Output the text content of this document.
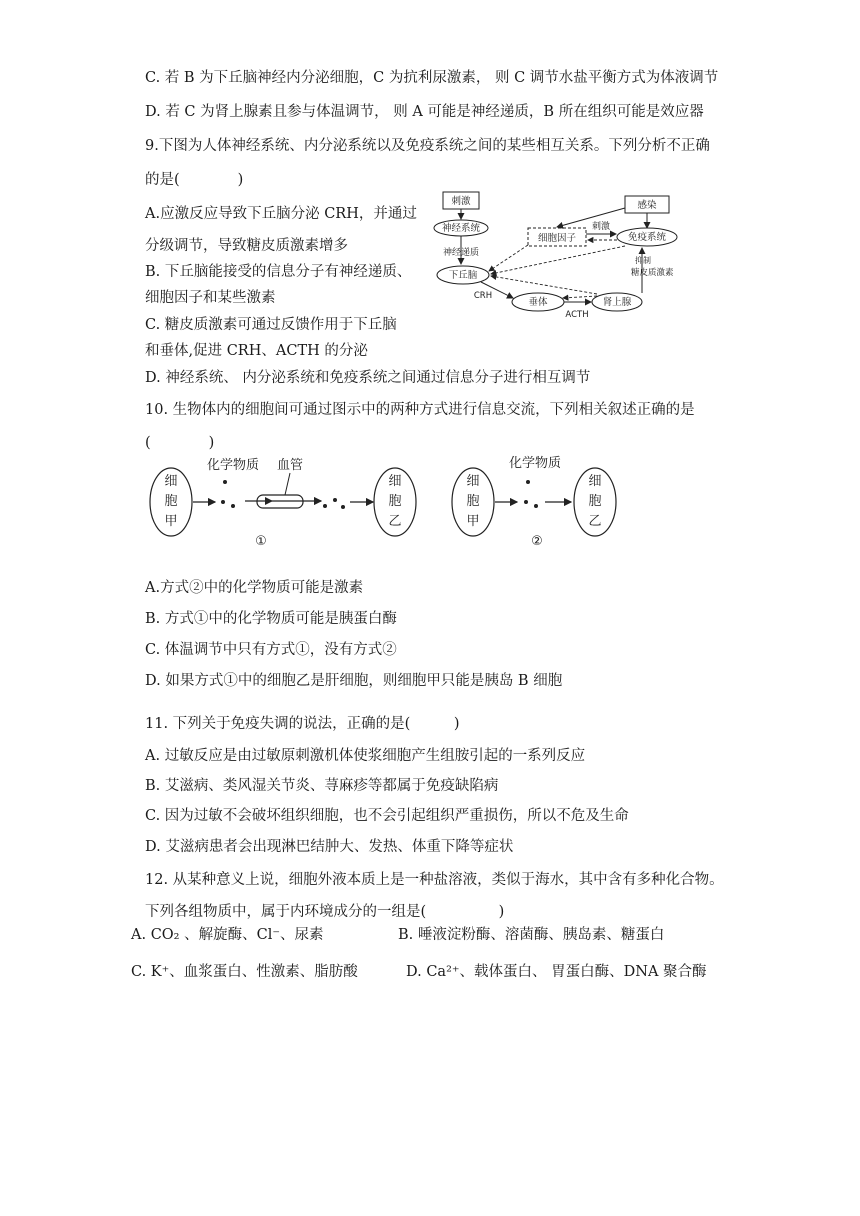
C. 若 B 为下丘脑神经内分泌细胞，C 为抗利尿激素， 则 C 调节水盐平衡方式为体液调节
D. 若 C 为肾上腺素且参与体温调节， 则 A 可能是神经递质，B 所在组织可能是效应器
9.下图为人体神经系统、内分泌系统以及免疫系统之间的某些相互关系。下列分析不正确
的是(　　　　)
A.应激反应导致下丘脑分泌 CRH，并通过
分级调节，导致糖皮质激素增多
B. 下丘脑能接受的信息分子有神经递质、
细胞因子和某些激素
C. 糖皮质激素可通过反馈作用于下丘脑
和垂体,促进 CRH、ACTH 的分泌
D. 神经系统、 内分泌系统和免疫系统之间通过信息分子进行相互调节
刺激
神经系统
神经递质
下丘脑
CRH
垂体
ACTH
肾上腺
细胞因子
感染
免疫系统
刺激
抑制
糖皮质激素
10. 生物体内的细胞间可通过图示中的两种方式进行信息交流，下列相关叙述正确的是
(　　　　)
细
胞
甲
化学物质 血管
细
胞
乙
①
细
胞
甲
化学物质
细
胞
乙
②
A.方式②中的化学物质可能是激素
B. 方式①中的化学物质可能是胰蛋白酶
C. 体温调节中只有方式①，没有方式②
D. 如果方式①中的细胞乙是肝细胞，则细胞甲只能是胰岛 B 细胞
11. 下列关于免疫失调的说法，正确的是(　　　)
A. 过敏反应是由过敏原刺激机体使浆细胞产生组胺引起的一系列反应
B. 艾滋病、类风湿关节炎、荨麻疹等都属于免疫缺陷病
C. 因为过敏不会破坏组织细胞，也不会引起组织严重损伤，所以不危及生命
D. 艾滋病患者会出现淋巴结肿大、发热、体重下降等症状
12. 从某种意义上说，细胞外液本质上是一种盐溶液，类似于海水，其中含有多种化合物。
下列各组物质中，属于内环境成分的一组是(　　　　　)
A. CO₂ 、解旋酶、Cl⁻、尿素	B. 唾液淀粉酶、溶菌酶、胰岛素、糖蛋白
C. K⁺、血浆蛋白、性激素、脂肪酸	D. Ca²⁺、载体蛋白、 胃蛋白酶、DNA 聚合酶
